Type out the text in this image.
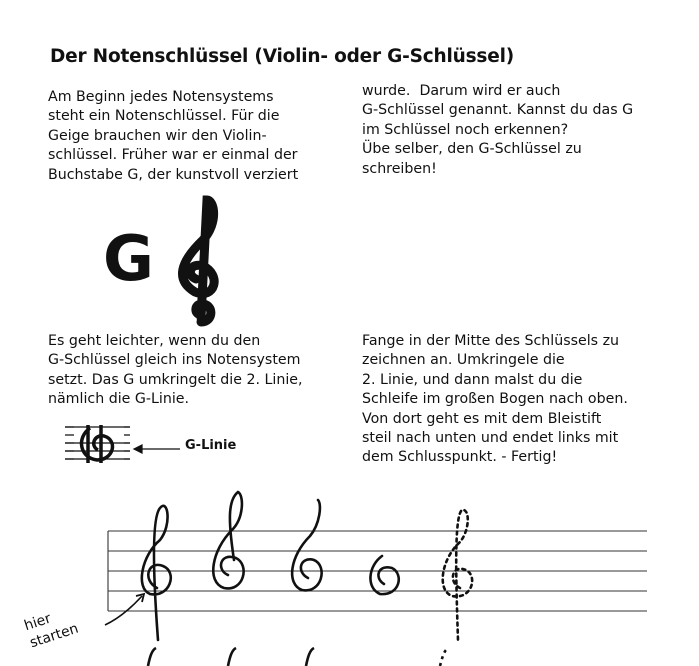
Der Notenschlüssel (Violin- oder G-Schlüssel)
Am Beginn jedes Notensystems
steht ein Notenschlüssel. Für die
Geige brauchen wir den Violin-
schlüssel. Früher war er einmal der
Buchstabe G, der kunstvoll verziert
wurde.  Darum wird er auch
G-Schlüssel genannt. Kannst du das G
im Schlüssel noch erkennen?
Übe selber, den G-Schlüssel zu
schreiben!
G
Es geht leichter, wenn du den
G-Schlüssel gleich ins Notensystem
setzt. Das G umkringelt die 2. Linie,
nämlich die G-Linie.
Fange in der Mitte des Schlüssels zu
zeichnen an. Umkringele die
2. Linie, und dann malst du die
Schleife im großen Bogen nach oben.
Von dort geht es mit dem Bleistift
steil nach unten und endet links mit
dem Schlusspunkt. - Fertig!
G-Linie
hier
starten
